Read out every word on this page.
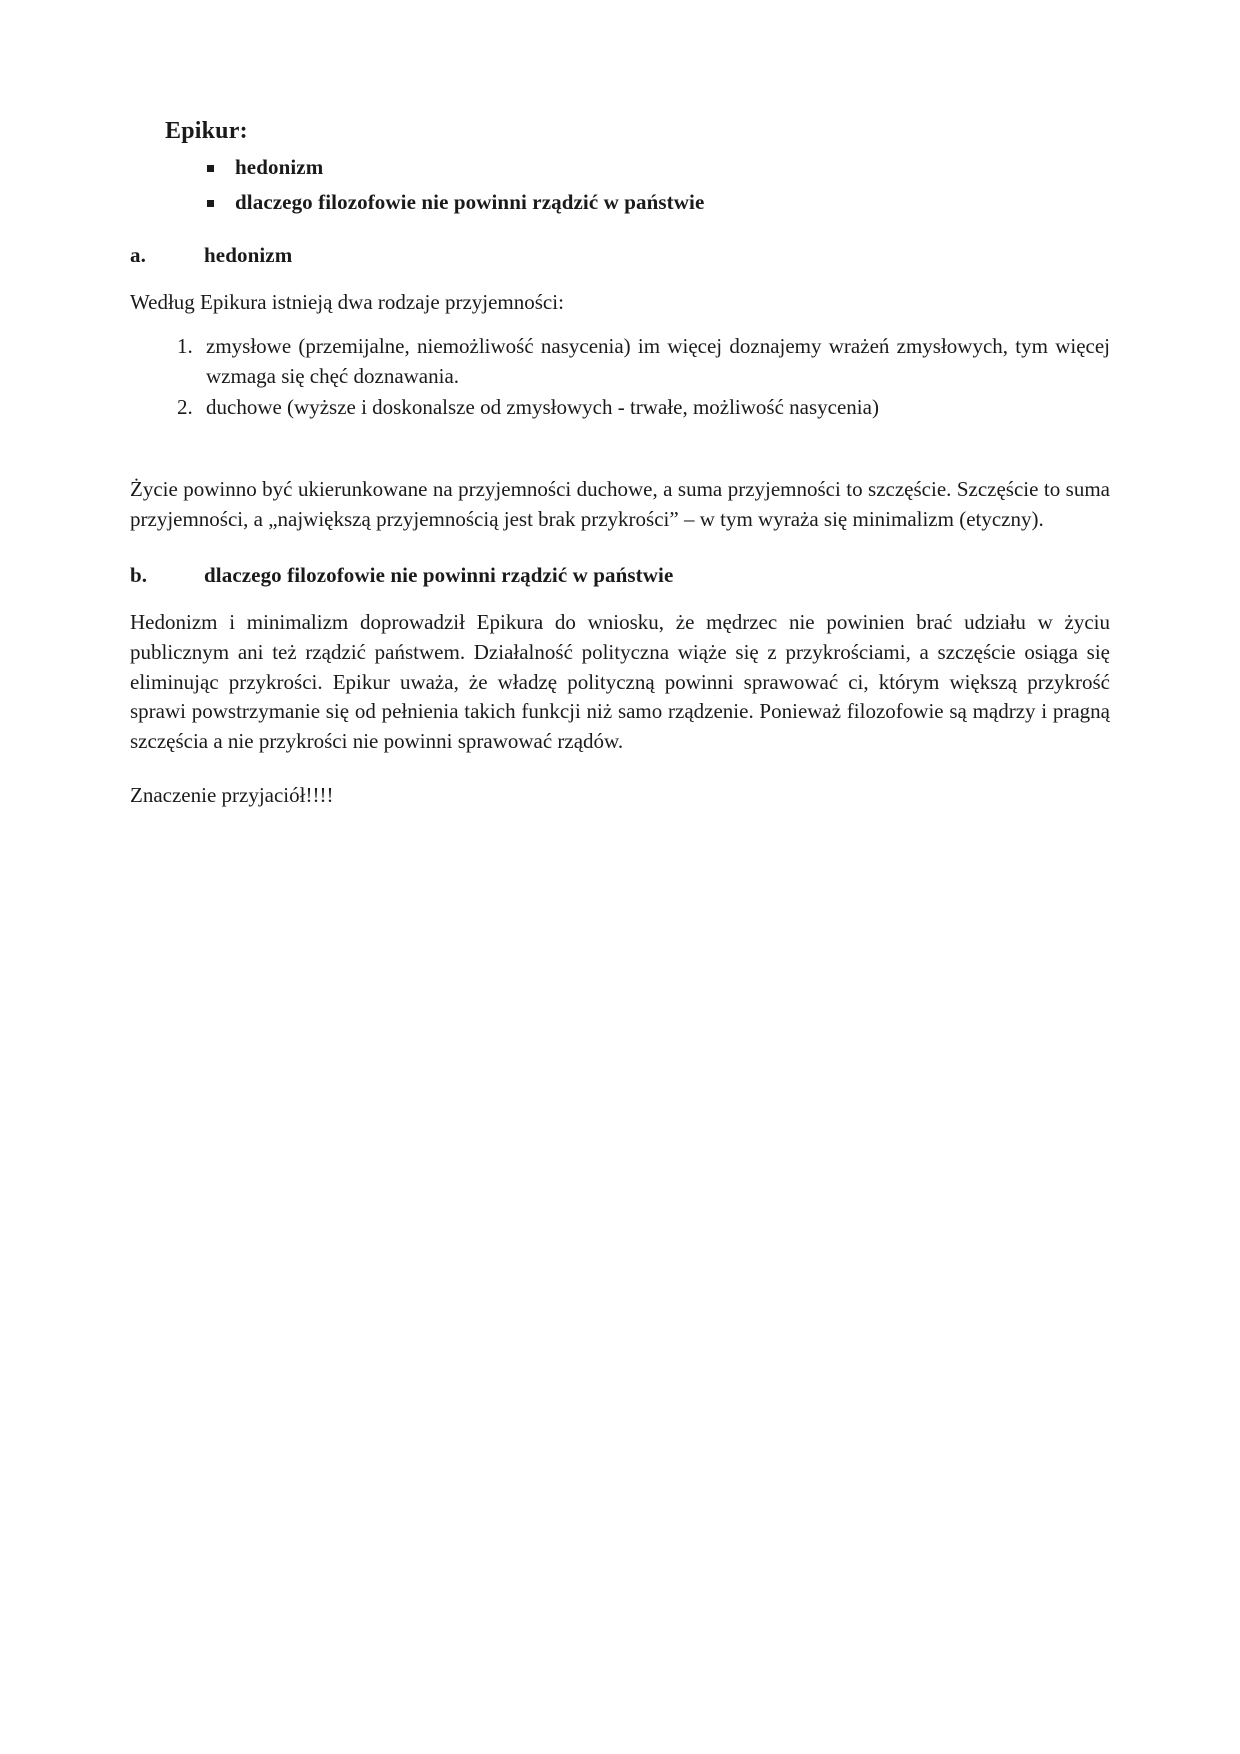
Epikur:
hedonizm
dlaczego filozofowie nie powinni rządzić w państwie
a.	hedonizm

Według Epikura istnieją dwa rodzaje przyjemności:

1. zmysłowe (przemijalne, niemożliwość nasycenia) im więcej doznajemy wrażeń zmysłowych, tym więcej wzmaga się chęć doznawania.
2. duchowe (wyższe i doskonalsze od zmysłowych - trwałe, możliwość nasycenia)

Życie powinno być ukierunkowane na przyjemności duchowe, a suma przyjemności to szczęście. Szczęście to suma przyjemności, a „największą przyjemnością jest brak przykrości” – w tym wyraża się minimalizm (etyczny).

b.	dlaczego filozofowie nie powinni rządzić w państwie

Hedonizm i minimalizm doprowadził Epikura do wniosku, że mędrzec nie powinien brać udziału w życiu publicznym ani też rządzić państwem. Działalność polityczna wiąże się z przykrościami, a szczęście osiąga się eliminując przykrości. Epikur uważa, że władzę polityczną powinni sprawować ci, którym większą przykrość sprawi powstrzymanie się od pełnienia takich funkcji niż samo rządzenie. Ponieważ filozofowie są mądrzy i pragną szczęścia a nie przykrości nie powinni sprawować rządów.

Znaczenie przyjaciół!!!!
